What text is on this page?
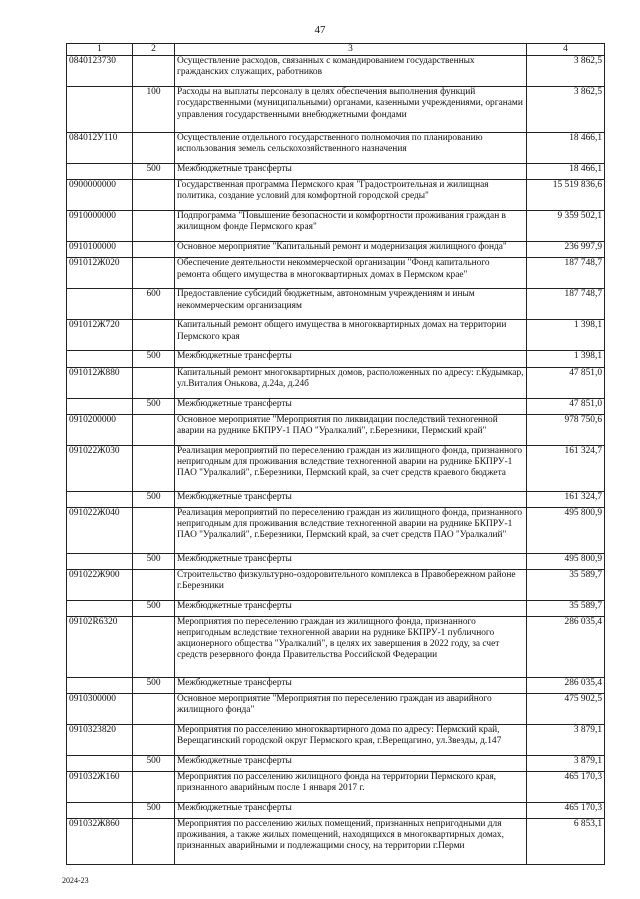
47
1	2	3	4
0840123730		Осуществление расходов, связанных с командированием государственных гражданских служащих, работников	3 862,5
	100	Расходы на выплаты персоналу в целях обеспечения выполнения функций государственными (муниципальными) органами, казенными учреждениями, органами управления государственными внебюджетными фондами	3 862,5
084012У110		Осуществление отдельного государственного полномочия по планированию использования земель сельскохозяйственного назначения	18 466,1
	500	Межбюджетные трансферты	18 466,1
0900000000		Государственная программа Пермского края "Градостроительная и жилищная политика, создание условий для комфортной городской среды"	15 519 836,6
0910000000		Подпрограмма "Повышение безопасности и комфортности проживания граждан в жилищном фонде Пермского края"	9 359 502,1
0910100000		Основное мероприятие "Капитальный ремонт и модернизация жилищного фонда"	236 997,9
091012Ж020		Обеспечение деятельности некоммерческой организации "Фонд капитального ремонта общего имущества в многоквартирных домах в Пермском крае"	187 748,7
	600	Предоставление субсидий бюджетным, автономным учреждениям и иным некоммерческим организациям	187 748,7
091012Ж720		Капитальный ремонт общего имущества в многоквартирных домах на территории Пермского края	1 398,1
	500	Межбюджетные трансферты	1 398,1
091012Ж880		Капитальный ремонт многоквартирных домов, расположенных по адресу: г.Кудымкар, ул.Виталия Онькова, д.24а, д.24б	47 851,0
	500	Межбюджетные трансферты	47 851,0
0910200000		Основное мероприятие "Мероприятия по ликвидации последствий техногенной аварии на руднике БКПРУ-1 ПАО "Уралкалий", г.Березники, Пермский край"	978 750,6
091022Ж030		Реализация мероприятий по переселению граждан из жилищного фонда, признанного непригодным для проживания вследствие техногенной аварии на руднике БКПРУ-1 ПАО "Уралкалий", г.Березники, Пермский край, за счет средств краевого бюджета	161 324,7
	500	Межбюджетные трансферты	161 324,7
091022Ж040		Реализация мероприятий по переселению граждан из жилищного фонда, признанного непригодным для проживания вследствие техногенной аварии на руднике БКПРУ-1 ПАО "Уралкалий", г.Березники, Пермский край, за счет средств ПАО "Уралкалий"	495 800,9
	500	Межбюджетные трансферты	495 800,9
091022Ж900		Строительство физкультурно-оздоровительного комплекса в Правобережном районе г.Березники	35 589,7
	500	Межбюджетные трансферты	35 589,7
09102R6320		Мероприятия по переселению граждан из жилищного фонда, признанного непригодным вследствие техногенной аварии на руднике БКПРУ-1 публичного акционерного общества "Уралкалий", в целях их завершения в 2022 году, за счет средств резервного фонда Правительства Российской Федерации	286 035,4
	500	Межбюджетные трансферты	286 035,4
0910300000		Основное мероприятие "Мероприятия по переселению граждан из аварийного жилищного фонда"	475 902,5
0910323820		Мероприятия по расселению многоквартирного дома по адресу: Пермский край, Верещагинский городской округ Пермского края, г.Верещагино, ул.Звезды, д.147	3 879,1
	500	Межбюджетные трансферты	3 879,1
091032Ж160		Мероприятия по расселению жилищного фонда на территории Пермского края, признанного аварийным после 1 января 2017 г.	465 170,3
	500	Межбюджетные трансферты	465 170,3
091032Ж860		Мероприятия по расселению жилых помещений, признанных непригодными для проживания, а также жилых помещений, находящихся в многоквартирных домах, признанных аварийными и подлежащими сносу, на территории г.Перми	6 853,1
2024-23
